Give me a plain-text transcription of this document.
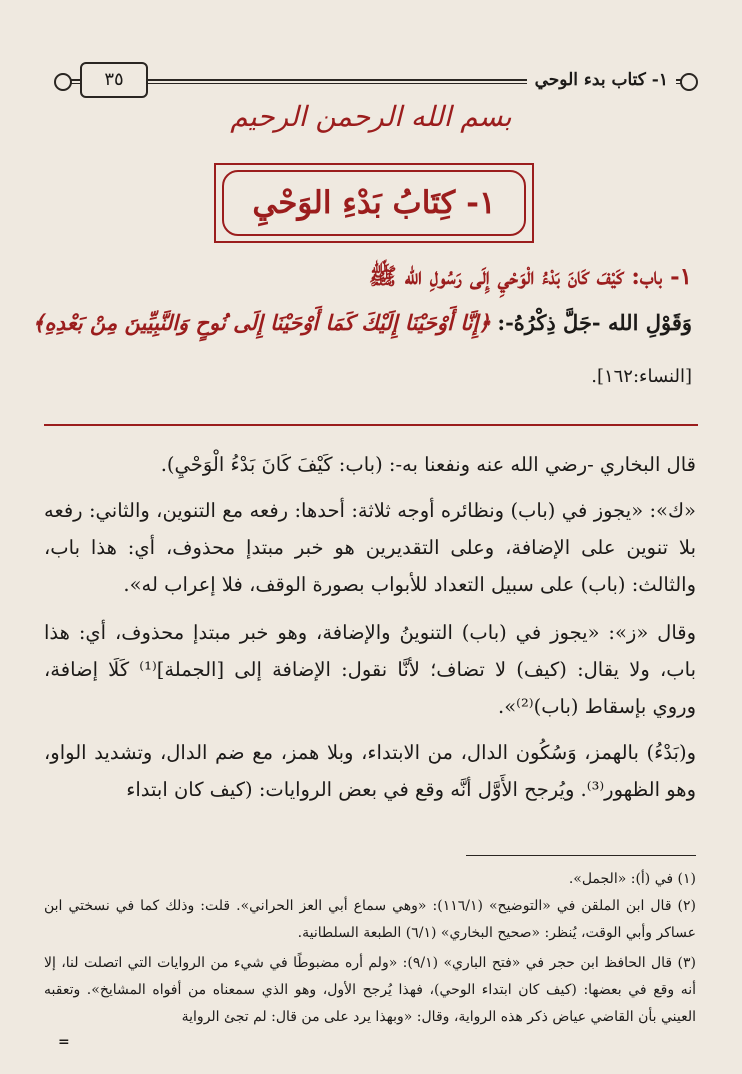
١- كتاب بدء الوحي
٣٥
بسم الله الرحمن الرحيم
١- كِتَابُ بَدْءِ الوَحْيِ
١- باب: كَيْفَ كَانَ بَدْءُ الْوَحْيِ إِلَى رَسُولِ الله ﷺ
وَقَوْلِ الله -جَلَّ ذِكْرُهُ-: ﴿إِنَّا أَوْحَيْنَا إِلَيْكَ كَمَا أَوْحَيْنَا إِلَى نُوحٍ وَالنَّبِيِّينَ مِنْ بَعْدِهِ﴾
[النساء:١٦٢].
قال البخاري -رضي الله عنه ونفعنا به-: (باب: كَيْفَ كَانَ بَدْءُ الْوَحْيِ).
«ك»: «يجوز في (باب) ونظائره أوجه ثلاثة: أحدها: رفعه مع التنوين، والثاني: رفعه بلا تنوين على الإضافة، وعلى التقديرين هو خبر مبتدإ محذوف، أي: هذا باب، والثالث: (باب) على سبيل التعداد للأبواب بصورة الوقف، فلا إعراب له».
وقال «ز»: «يجوز في (باب) التنوينُ والإضافة، وهو خبر مبتدإ محذوف، أي: هذا باب، ولا يقال: (كيف) لا تضاف؛ لأنَّا نقول: الإضافة إلى [الجملة]⁽¹⁾ كَلَا إضافة، وروي بإسقاط (باب)⁽²⁾».
و(بَدْءُ) بالهمز، وَسُكُون الدال، من الابتداء، وبلا همز، مع ضم الدال، وتشديد الواو، وهو الظهور⁽³⁾. ويُرجح الأَوَّل أنَّه وقع في بعض الروايات: (كيف كان ابتداء
(١) في (أ): «الجمل».
(٢) قال ابن الملقن في «التوضيح» (١١٦/١): «وهي سماع أبي العز الحراني». قلت: وذلك كما في نسختي ابن عساكر وأبي الوقت، يُنظر: «صحيح البخاري» (٦/١) الطبعة السلطانية.
(٣) قال الحافظ ابن حجر في «فتح الباري» (٩/١): «ولم أره مضبوطًا في شيء من الروايات التي اتصلت لنا، إلا أنه وقع في بعضها: (كيف كان ابتداء الوحي)، فهذا يُرجح الأول، وهو الذي سمعناه من أفواه المشايخ». وتعقبه العيني بأن القاضي عياض ذكر هذه الرواية، وقال: «وبهذا يرد على من قال: لم تجئ الرواية
=
